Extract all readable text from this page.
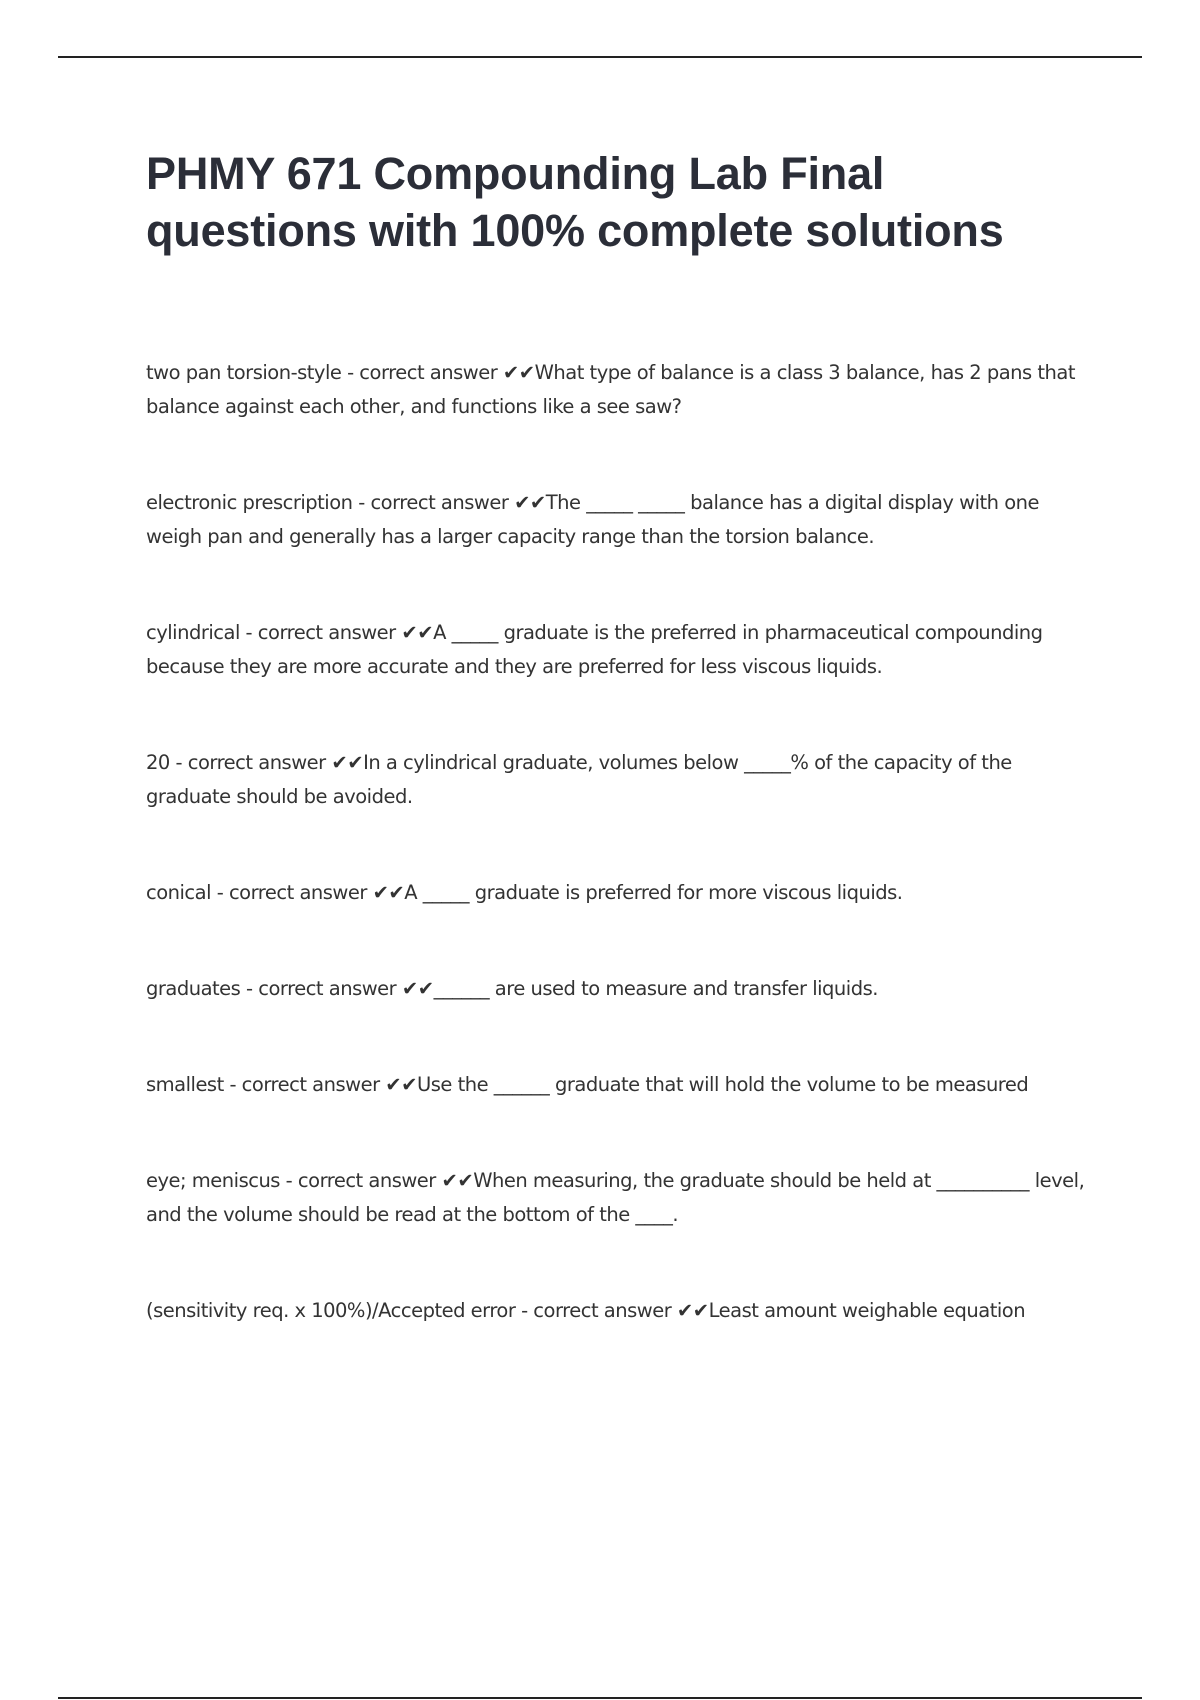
PHMY 671 Compounding Lab Final questions with 100% complete solutions
two pan torsion-style - correct answer ✔✔What type of balance is a class 3 balance, has 2 pans that balance against each other, and functions like a see saw?
electronic prescription - correct answer ✔✔The _____ _____ balance has a digital display with one weigh pan and generally has a larger capacity range than the torsion balance.
cylindrical - correct answer ✔✔A _____ graduate is the preferred in pharmaceutical compounding because they are more accurate and they are preferred for less viscous liquids.
20 - correct answer ✔✔In a cylindrical graduate, volumes below _____% of the capacity of the graduate should be avoided.
conical - correct answer ✔✔A _____ graduate is preferred for more viscous liquids.
graduates - correct answer ✔✔______ are used to measure and transfer liquids.
smallest - correct answer ✔✔Use the ______ graduate that will hold the volume to be measured
eye; meniscus - correct answer ✔✔When measuring, the graduate should be held at __________ level, and the volume should be read at the bottom of the ____.
(sensitivity req. x 100%)/Accepted error - correct answer ✔✔Least amount weighable equation
